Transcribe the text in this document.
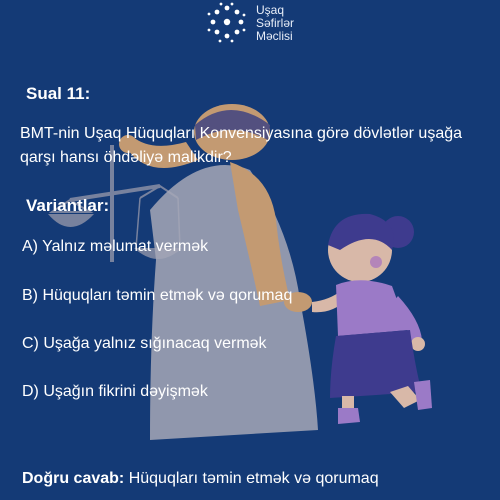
Uşaq
Səfirlər
Məclisi
Sual 11:
BMT-nin Uşaq Hüquqları Konvensiyasına görə dövlətlər uşağa qarşı hansı öhdəliyə malikdir?
Variantlar:
A) Yalnız məlumat vermək
B) Hüquqları təmin etmək və qorumaq
C) Uşağa yalnız sığınacaq vermək
D) Uşağın fikrini dəyişmək
Doğru cavab: Hüquqları təmin etmək və qorumaq
